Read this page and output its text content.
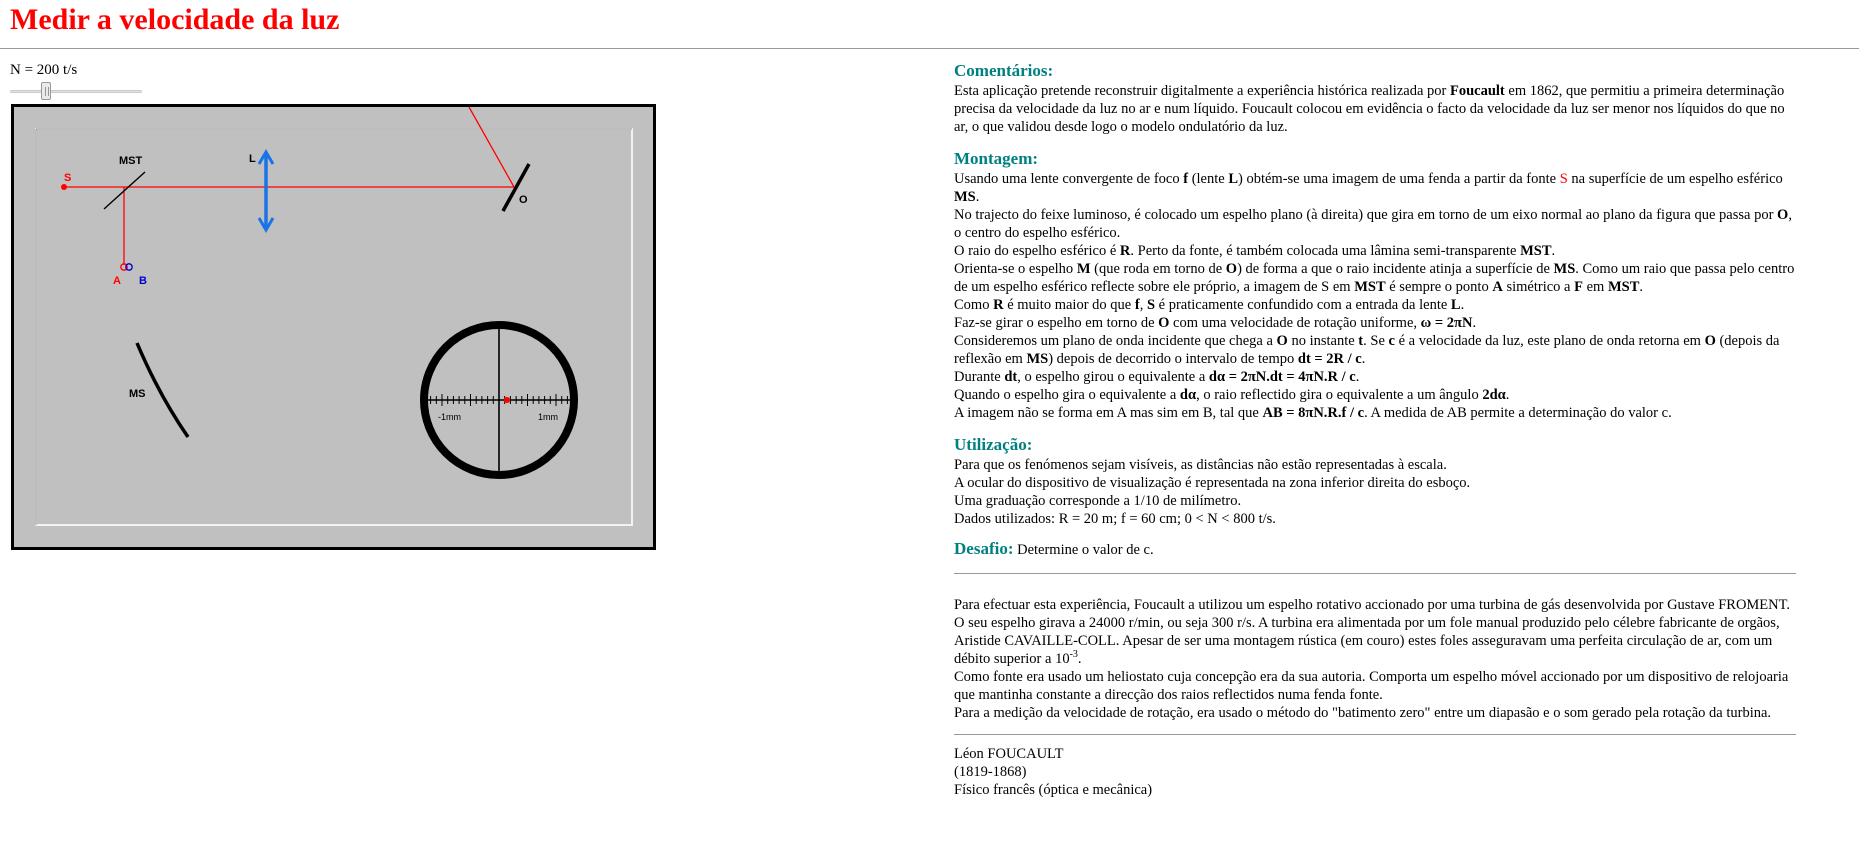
Medir a velocidade da luz
N = 200 t/s
S
MST	L
O
A B
MS
-1mm	1mm
Comentários:

Esta aplicação pretende reconstruir digitalmente a experiência histórica realizada por Foucault em 1862, que permitiu a primeira determinação precisa da velocidade da luz no ar e num líquido. Foucault colocou em evidência o facto da velocidade da luz ser menor nos líquidos do que no ar, o que validou desde logo o modelo ondulatório da luz.

Montagem:

Usando uma lente convergente de foco f (lente L) obtém-se uma imagem de uma fenda a partir da fonte S na superfície de um espelho esférico MS.

No trajecto do feixe luminoso, é colocado um espelho plano (à direita) que gira em torno de um eixo normal ao plano da figura que passa por O, o centro do espelho esférico.

O raio do espelho esférico é R. Perto da fonte, é também colocada uma lâmina semi-transparente MST.

Orienta-se o espelho M (que roda em torno de O) de forma a que o raio incidente atinja a superfície de MS. Como um raio que passa pelo centro de um espelho esférico reflecte sobre ele próprio, a imagem de S em MST é sempre o ponto A simétrico a F em MST.

Como R é muito maior do que f, S é praticamente confundido com a entrada da lente L.

Faz-se girar o espelho em torno de O com uma velocidade de rotação uniforme, ω = 2πN.

Consideremos um plano de onda incidente que chega a O no instante t. Se c é a velocidade da luz, este plano de onda retorna em O (depois da reflexão em MS) depois de decorrido o intervalo de tempo dt = 2R / c.

Durante dt, o espelho girou o equivalente a dα = 2πN.dt = 4πN.R / c.

Quando o espelho gira o equivalente a dα, o raio reflectido gira o equivalente a um ângulo 2dα.

A imagem não se forma em A mas sim em B, tal que AB = 8πN.R.f / c. A medida de AB permite a determinação do valor c.

Utilização:

Para que os fenómenos sejam visíveis, as distâncias não estão representadas à escala.

A ocular do dispositivo de visualização é representada na zona inferior direita do esboço.

Uma graduação corresponde a 1/10 de milímetro.

Dados utilizados: R = 20 m; f = 60 cm; 0 < N < 800 t/s.

Desafio: Determine o valor de c.

Para efectuar esta experiência, Foucault a utilizou um espelho rotativo accionado por uma turbina de gás desenvolvida por Gustave FROMENT. O seu espelho girava a 24000 r/min, ou seja 300 r/s. A turbina era alimentada por um fole manual produzido pelo célebre fabricante de orgãos, Aristide CAVAILLE-COLL. Apesar de ser uma montagem rústica (em couro) estes foles asseguravam uma perfeita circulação de ar, com um débito superior a $10^{-3}$.

Como fonte era usado um heliostato cuja concepção era da sua autoria. Comporta um espelho móvel accionado por um dispositivo de relojoaria que mantinha constante a direcção dos raios reflectidos numa fenda fonte.

Para a medição da velocidade de rotação, era usado o método do "batimento zero" entre um diapasão e o som gerado pela rotação da turbina.

Léon FOUCAULT

(1819-1868)

Físico francês (óptica e mecânica)
